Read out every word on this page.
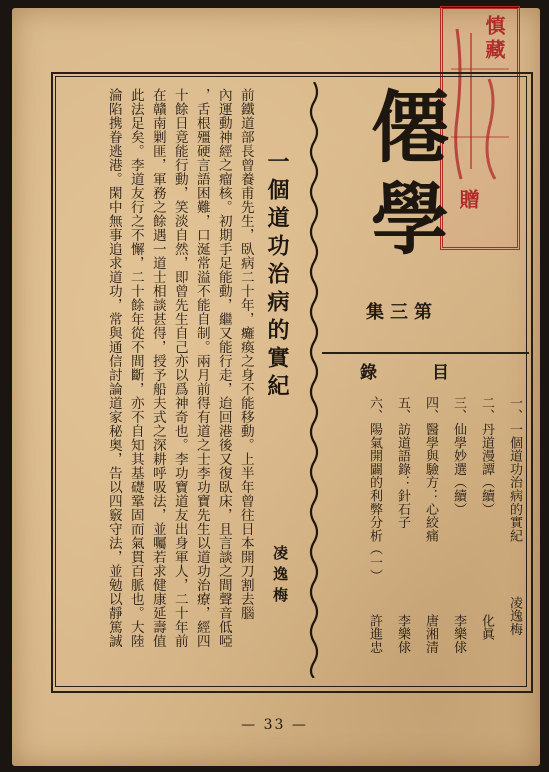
慎藏
贈
僊學
第三集
目
錄
一、一個道功治病的實紀
凌逸梅
二、丹道漫譚（續）
化眞
三、仙學妙選（續）
李樂俅
四、醫學與驗方：心絞痛
唐湘清
五、訪道語錄：針石子
李樂俅
六、陽氣開闢的利弊分析（一）
許進忠
一個道功治病的實紀
凌逸梅
前鐵道部長曾養甫先生，臥病二十年，癱瘓之身不能移動。上半年曾往日本開刀割去腦
內運動神經之瘤核。初期手足能動，繼又能行走，迨回港後又復臥床，且言談之間聲音低啞
，舌根殭硬言語困難，口涎常溢不能自制。兩月前得有道之士李功寶先生以道功治療，經四
十餘日竟能行動，笑淡自然，即曾先生自己亦以爲神奇也。李功寶道友出身軍人，二十年前
在贛南剿匪，軍務之餘遇一道士相談甚得，授予船夫式之深耕呼吸法，並囑若求健康延壽值
此法足矣。李道友行之不懈，二十餘年從不間斷，亦不自知其基礎鞏固而氣貫百脈也。大陸
淪陷携眷逃港。閑中無事追求道功，常與通信討論道家秘奥，告以四竅守法，並勉以靜篤誠
— 33 —
